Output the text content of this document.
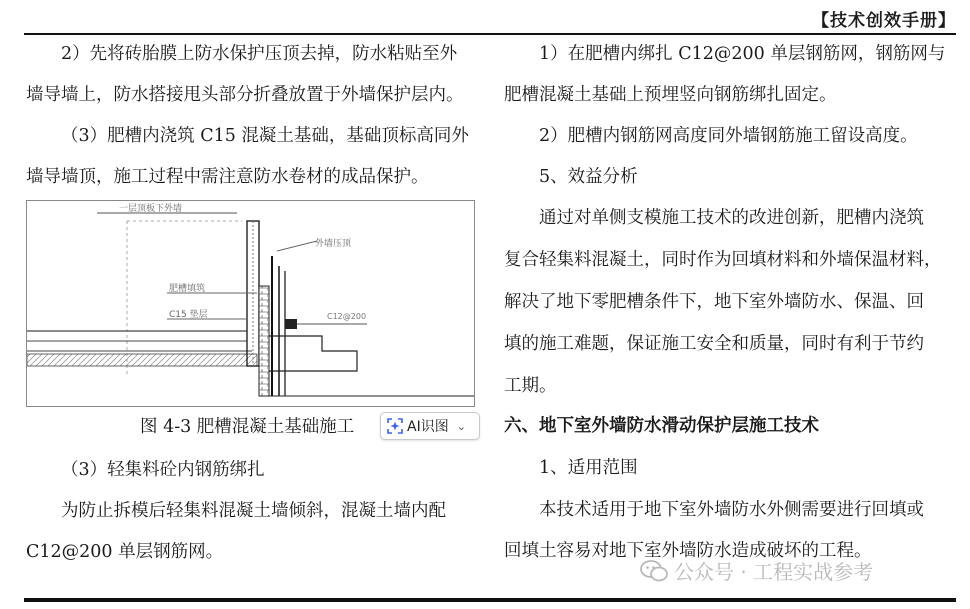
【技术创效手册】

2）先将砖胎膜上防水保护压顶去掉，防水粘贴至外

墙导墙上，防水搭接甩头部分折叠放置于外墙保护层内。

（3）肥槽内浇筑 C15 混凝土基础，基础顶标高同外

墙导墙顶，施工过程中需注意防水卷材的成品保护。

一层顶板下外墙
C12@200
外墙压顶
肥槽填筑
C15 垫层
图 4-3 肥槽混凝土基础施工	AI识图 ⌄

（3）轻集料砼内钢筋绑扎

为防止拆模后轻集料混凝土墙倾斜，混凝土墙内配

C12@200 单层钢筋网。

1）在肥槽内绑扎 C12@200 单层钢筋网，钢筋网与

肥槽混凝土基础上预埋竖向钢筋绑扎固定。

2）肥槽内钢筋网高度同外墙钢筋施工留设高度。

5、效益分析

通过对单侧支模施工技术的改进创新，肥槽内浇筑

复合轻集料混凝土，同时作为回填材料和外墙保温材料，

解决了地下零肥槽条件下，地下室外墙防水、保温、回

填的施工难题，保证施工安全和质量，同时有利于节约

工期。

六、地下室外墙防水滑动保护层施工技术

1、适用范围

本技术适用于地下室外墙防水外侧需要进行回填或

回填土容易对地下室外墙防水造成破坏的工程。

公众号 · 工程实战参考
